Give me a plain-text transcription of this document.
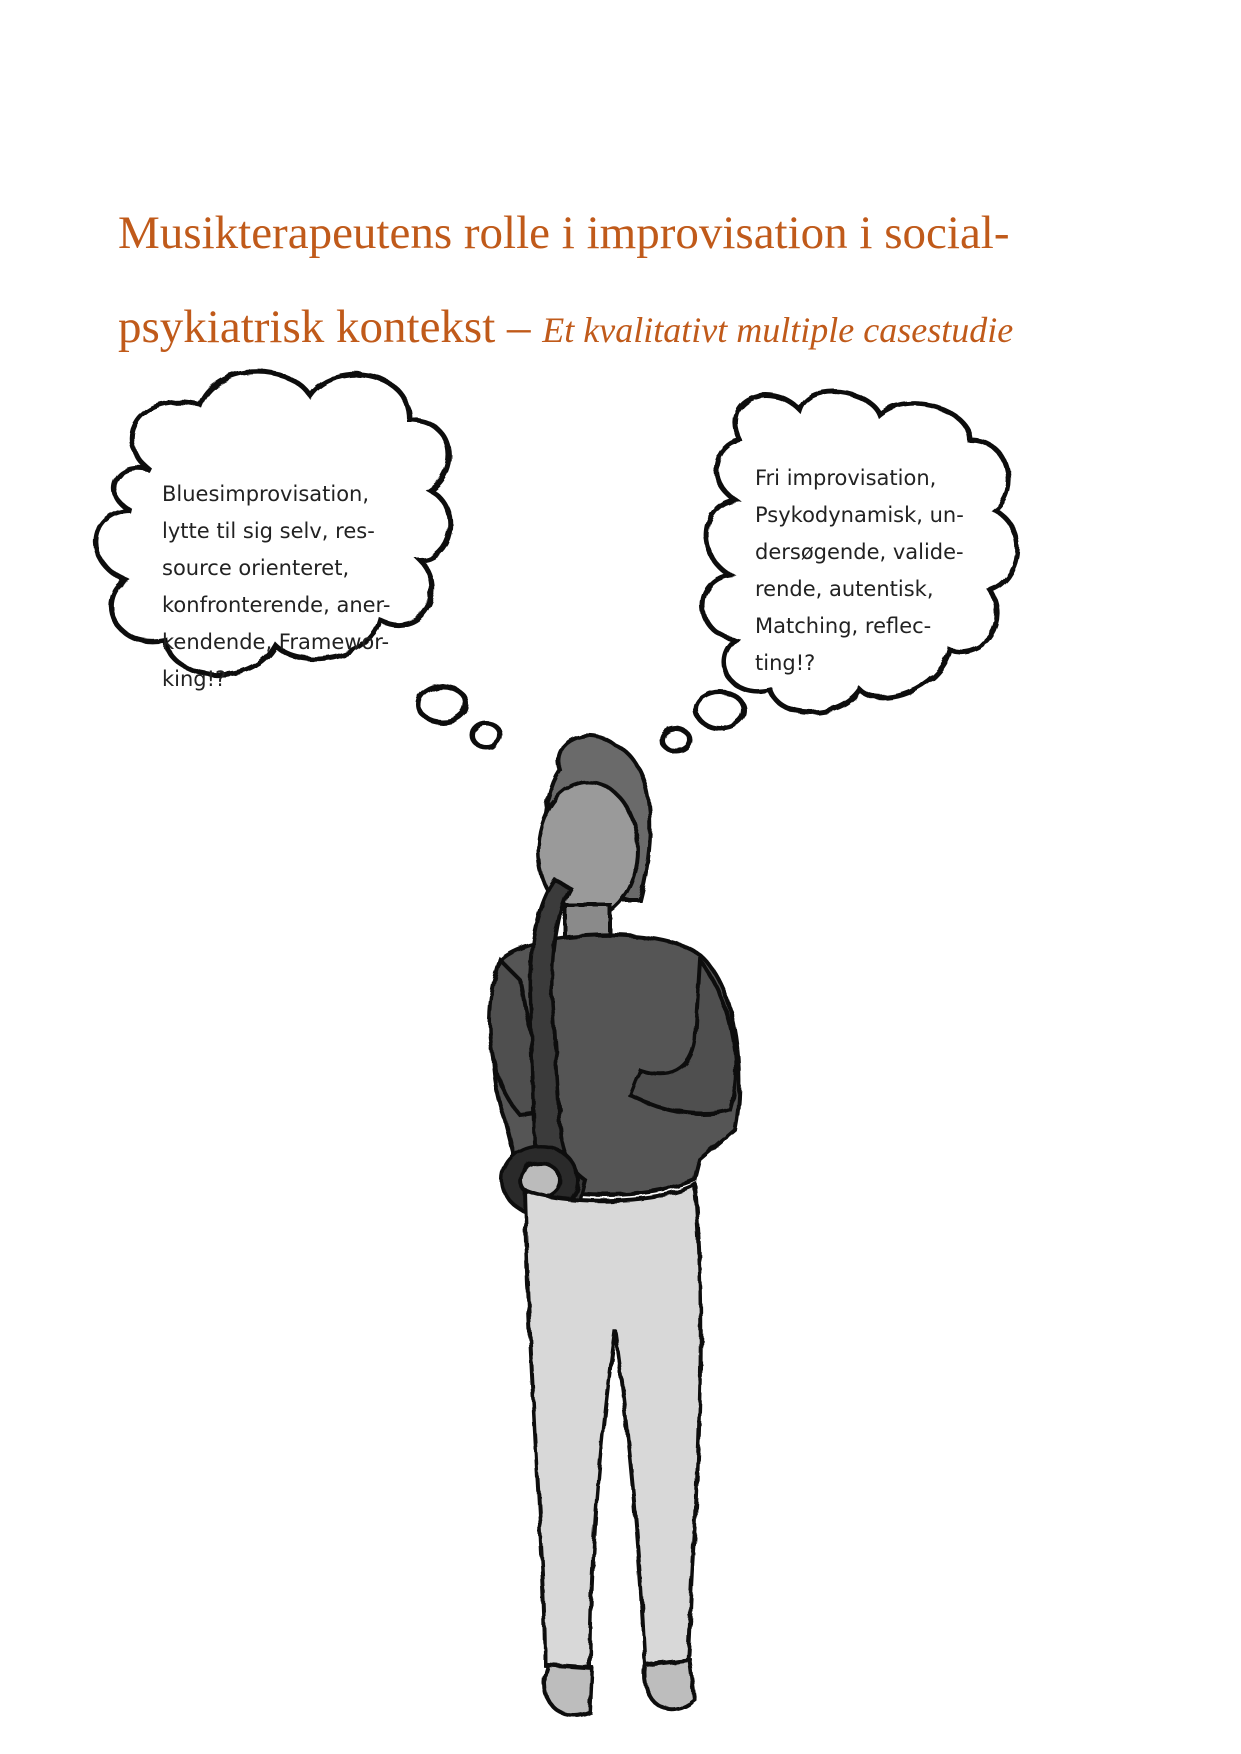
Musikterapeutens rolle i improvisation i social-psykiatrisk kontekst – Et kvalitativt multiple casestudie

Bluesimprovisation,
lytte til sig selv, res-
source orienteret,
konfronterende, aner-
kendende, Framewor-
king!?

Fri improvisation,
Psykodynamisk, un-
dersøgende, valide-
rende, autentisk,
Matching, reflec-
ting!?
